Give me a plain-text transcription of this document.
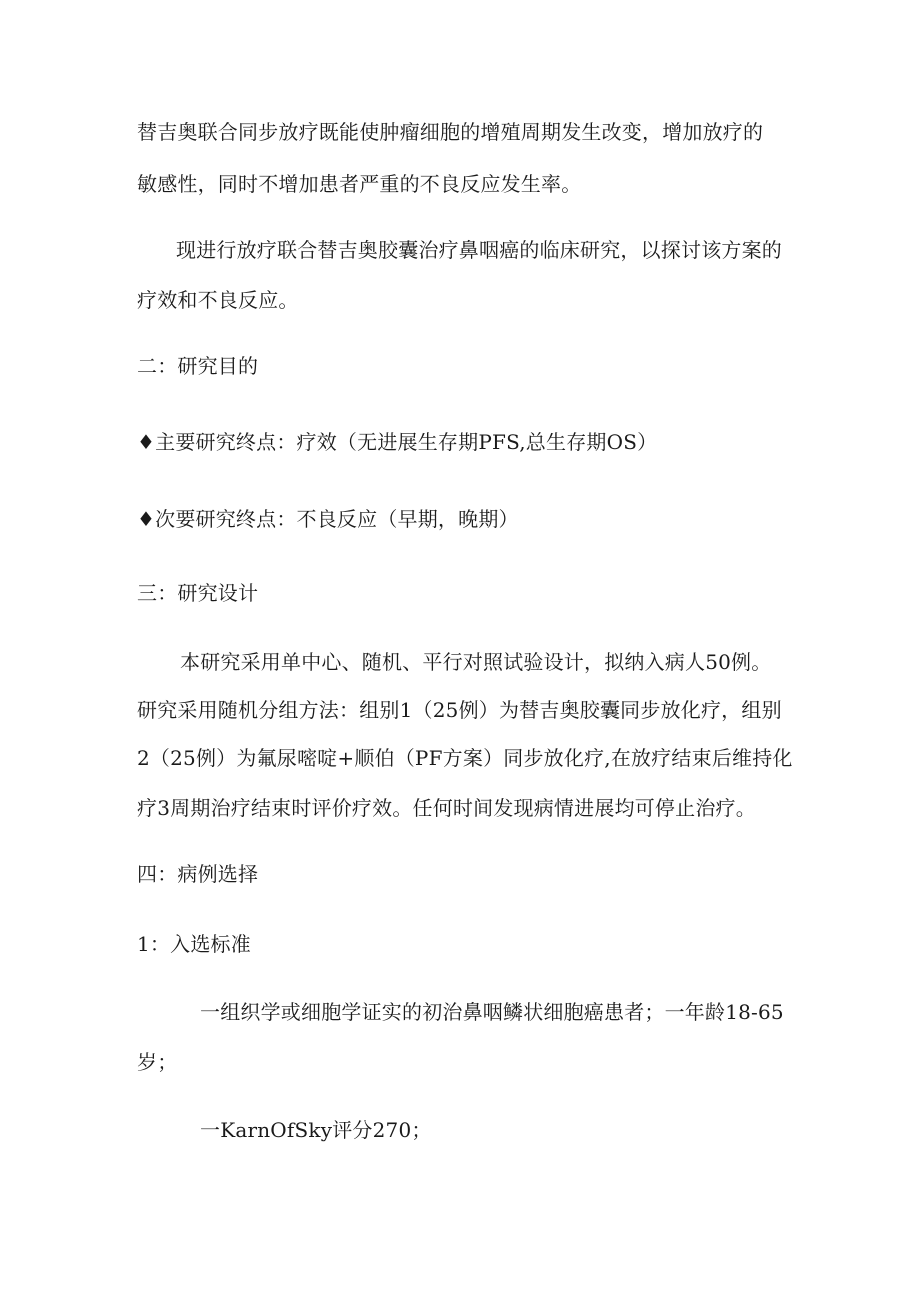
替吉奥联合同步放疗既能使肿瘤细胞的增殖周期发生改变，增加放疗的
敏感性，同时不增加患者严重的不良反应发生率。
现进行放疗联合替吉奥胶囊治疗鼻咽癌的临床研究，以探讨该方案的
疗效和不良反应。
二：研究目的
♦主要研究终点：疗效（无进展生存期PFS,总生存期OS）
♦次要研究终点：不良反应（早期，晚期）
三：研究设计
本研究采用单中心、随机、平行对照试验设计，拟纳入病人50例。
研究采用随机分组方法：组别1（25例）为替吉奥胶囊同步放化疗，组别
2（25例）为氟尿嘧啶+顺伯（PF方案）同步放化疗,在放疗结束后维持化
疗3周期治疗结束时评价疗效。任何时间发现病情进展均可停止治疗。
四：病例选择
1：入选标准
一组织学或细胞学证实的初治鼻咽鳞状细胞癌患者；一年龄18-65
岁；
一KarnOfSky评分270；
